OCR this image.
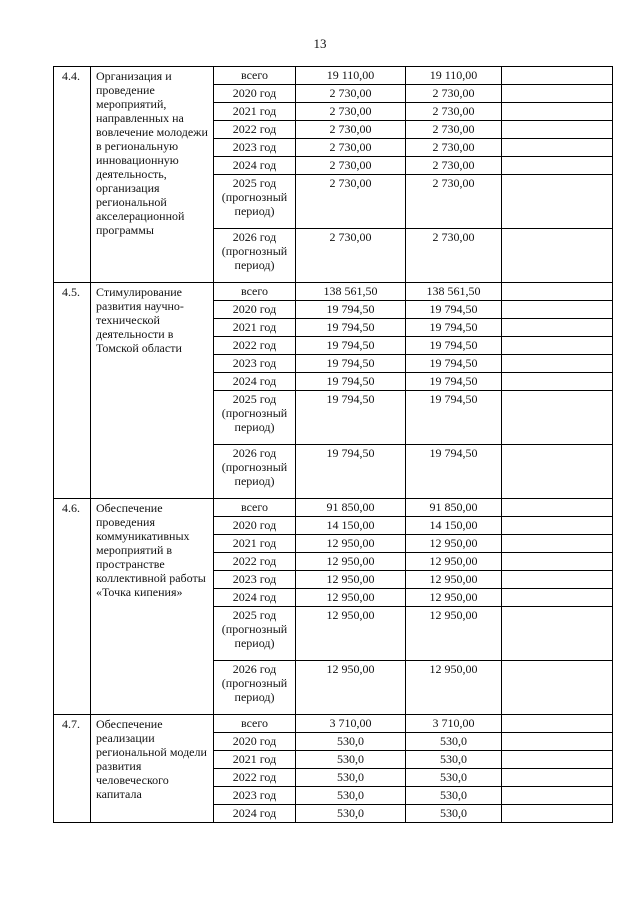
13
4.4.	Организация и проведение мероприятий, направленных на вовлечение молодежи в региональную инновационную деятельность, организация региональной акселерационной программы	всего	19 110,00	19 110,00	
		2020 год	2 730,00	2 730,00	
		2021 год	2 730,00	2 730,00	
		2022 год	2 730,00	2 730,00	
		2023 год	2 730,00	2 730,00	
		2024 год	2 730,00	2 730,00	
		2025 год (прогнозный период)	2 730,00	2 730,00	
		2026 год (прогнозный период)	2 730,00	2 730,00	
4.5.	Стимулирование развития научно-технической деятельности в Томской области	всего	138 561,50	138 561,50	
		2020 год	19 794,50	19 794,50	
		2021 год	19 794,50	19 794,50	
		2022 год	19 794,50	19 794,50	
		2023 год	19 794,50	19 794,50	
		2024 год	19 794,50	19 794,50	
		2025 год (прогнозный период)	19 794,50	19 794,50	
		2026 год (прогнозный период)	19 794,50	19 794,50	
4.6.	Обеспечение проведения коммуникативных мероприятий в пространстве коллективной работы «Точка кипения»	всего	91 850,00	91 850,00	
		2020 год	14 150,00	14 150,00	
		2021 год	12 950,00	12 950,00	
		2022 год	12 950,00	12 950,00	
		2023 год	12 950,00	12 950,00	
		2024 год	12 950,00	12 950,00	
		2025 год (прогнозный период)	12 950,00	12 950,00	
		2026 год (прогнозный период)	12 950,00	12 950,00	
4.7.	Обеспечение реализации региональной модели развития человеческого капитала	всего	3 710,00	3 710,00	
		2020 год	530,0	530,0	
		2021 год	530,0	530,0	
		2022 год	530,0	530,0	
		2023 год	530,0	530,0	
		2024 год	530,0	530,0	
